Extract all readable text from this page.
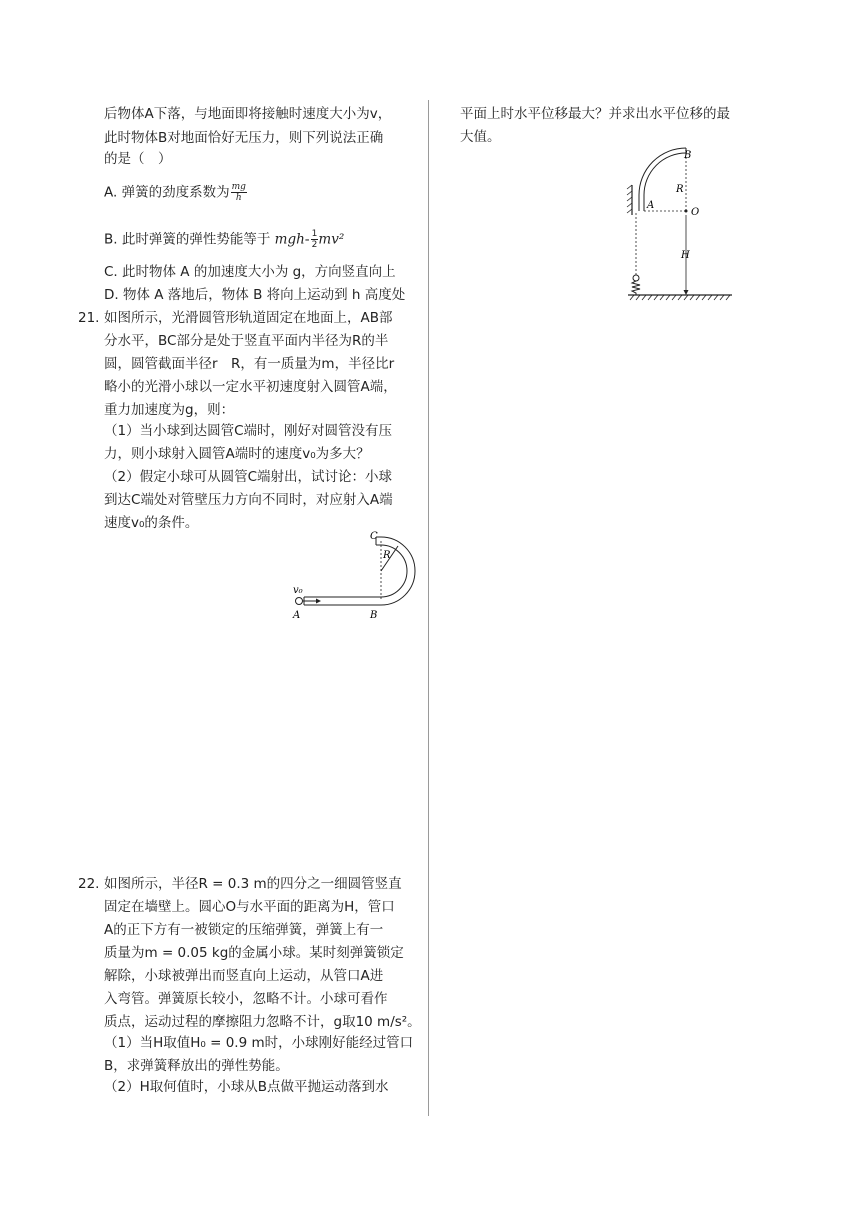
后物体A下落，与地面即将接触时速度大小为v，
此时物体B对地面恰好无压力，则下列说法正确
的是（　）
A. 弹簧的劲度系数为 $\frac{mg}{h}$
B. 此时弹簧的弹性势能等于 $mgh- \frac{1}{2} mv^2$
C. 此时物体 A 的加速度大小为 g，方向竖直向上
D. 物体 A 落地后，物体 B 将向上运动到 h 高度处
21. 如图所示，光滑圆管形轨道固定在地面上，AB部
分水平，BC部分是处于竖直平面内半径为R的半
圆，圆管截面半径r　R，有一质量为m，半径比r
略小的光滑小球以一定水平初速度射入圆管A端，
重力加速度为g，则：
（1）当小球到达圆管C端时，刚好对圆管没有压
力，则小球射入圆管A端时的速度v₀为多大？
（2）假定小球可从圆管C端射出，试讨论：小球
到达C端处对管壁压力方向不同时，对应射入A端
速度v₀的条件。
C
R
v₀
A	B
22. 如图所示，半径R = 0.3 m的四分之一细圆管竖直
固定在墙壁上。圆心O与水平面的距离为H，管口
A的正下方有一被锁定的压缩弹簧，弹簧上有一
质量为m = 0.05 kg的金属小球。某时刻弹簧锁定
解除，小球被弹出而竖直向上运动，从管口A进
入弯管。弹簧原长较小，忽略不计。小球可看作
质点，运动过程的摩擦阻力忽略不计，g取10 m/s²。
（1）当H取值H₀ = 0.9 m时，小球刚好能经过管口
B，求弹簧释放出的弹性势能。
（2）H取何值时，小球从B点做平抛运动落到水
平面上时水平位移最大？并求出水平位移的最
大值。
B
R
A
O
H
